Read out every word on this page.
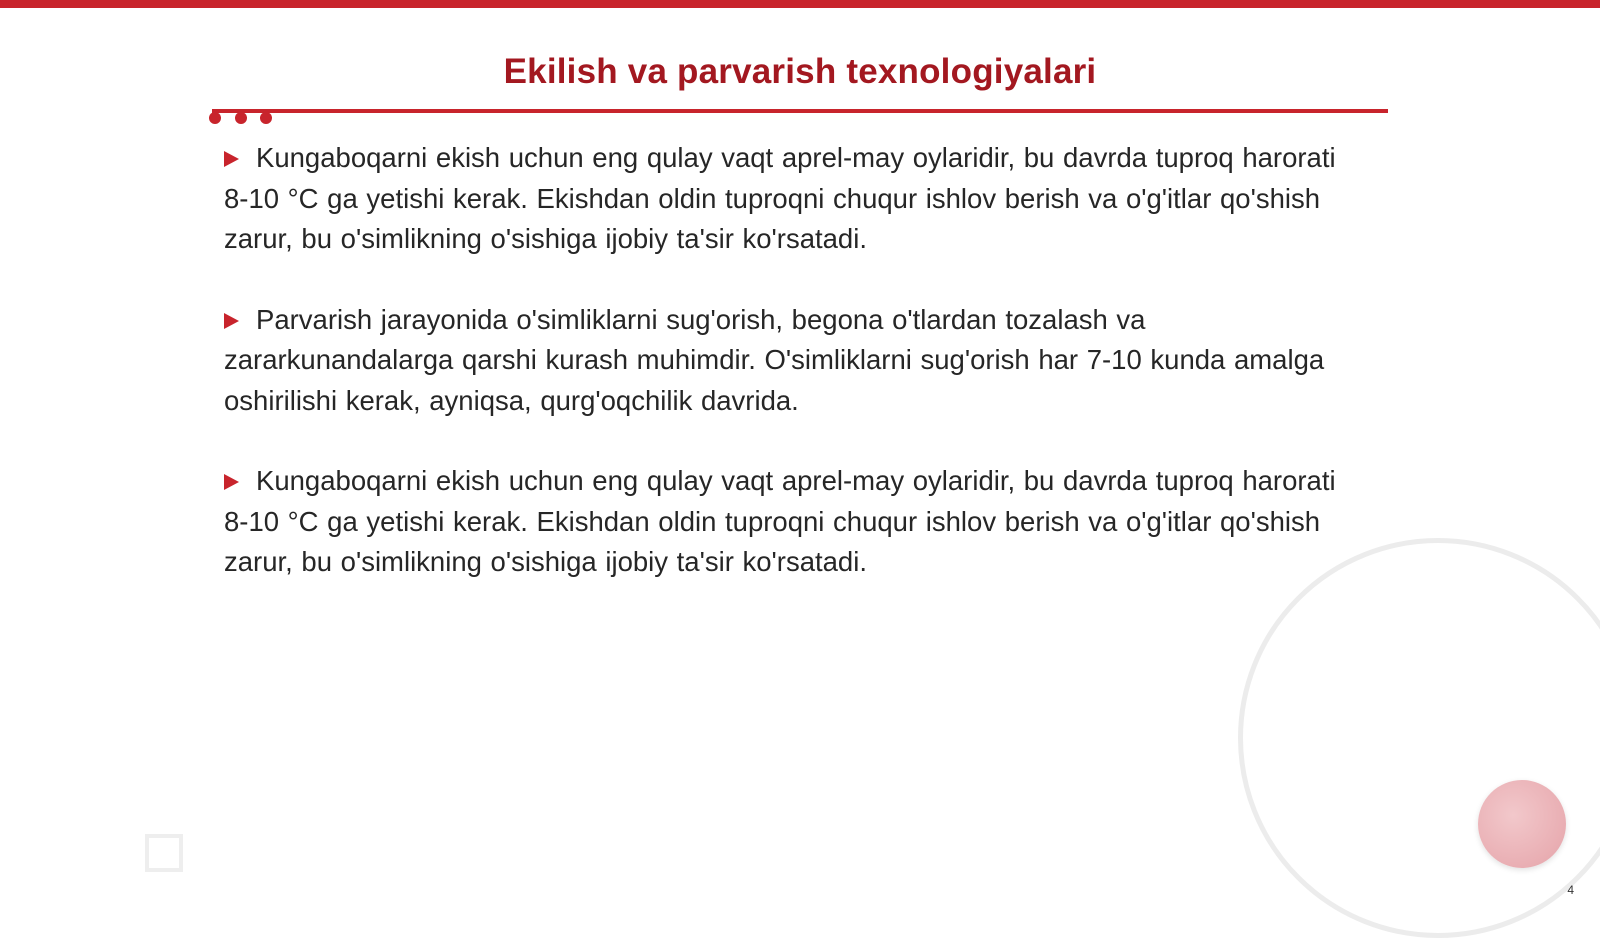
Ekilish va parvarish texnologiyalari

Kungaboqarni ekish uchun eng qulay vaqt aprel-may oylaridir, bu davrda tuproq harorati 8-10 °C ga yetishi kerak. Ekishdan oldin tuproqni chuqur ishlov berish va o'g'itlar qo'shish zarur, bu o'simlikning o'sishiga ijobiy ta'sir ko'rsatadi.

Parvarish jarayonida o'simliklarni sug'orish, begona o'tlardan tozalash va zararkunandalarga qarshi kurash muhimdir. O'simliklarni sug'orish har 7-10 kunda amalga oshirilishi kerak, ayniqsa, qurg'oqchilik davrida.

Kungaboqarni ekish uchun eng qulay vaqt aprel-may oylaridir, bu davrda tuproq harorati 8-10 °C ga yetishi kerak. Ekishdan oldin tuproqni chuqur ishlov berish va o'g'itlar qo'shish zarur, bu o'simlikning o'sishiga ijobiy ta'sir ko'rsatadi.

4
